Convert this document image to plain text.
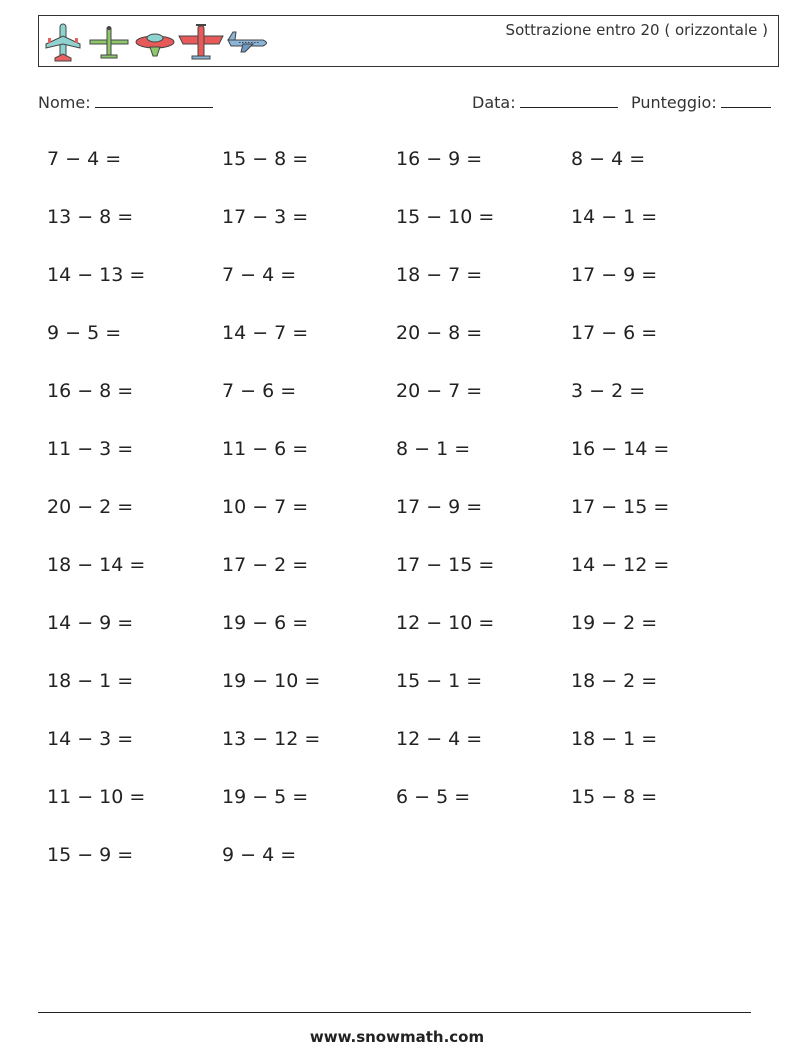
Sottrazione entro 20 ( orizzontale )
Nome:	Data:	Punteggio:
7 − 4 =	15 − 8 =	16 − 9 =	8 − 4 =
13 − 8 =	17 − 3 =	15 − 10 =	14 − 1 =
14 − 13 =	7 − 4 =	18 − 7 =	17 − 9 =
9 − 5 =	14 − 7 =	20 − 8 =	17 − 6 =
16 − 8 =	7 − 6 =	20 − 7 =	3 − 2 =
11 − 3 =	11 − 6 =	8 − 1 =	16 − 14 =
20 − 2 =	10 − 7 =	17 − 9 =	17 − 15 =
18 − 14 =	17 − 2 =	17 − 15 =	14 − 12 =
14 − 9 =	19 − 6 =	12 − 10 =	19 − 2 =
18 − 1 =	19 − 10 =	15 − 1 =	18 − 2 =
14 − 3 =	13 − 12 =	12 − 4 =	18 − 1 =
11 − 10 =	19 − 5 =	6 − 5 =	15 − 8 =
15 − 9 =	9 − 4 =
www.snowmath.com
